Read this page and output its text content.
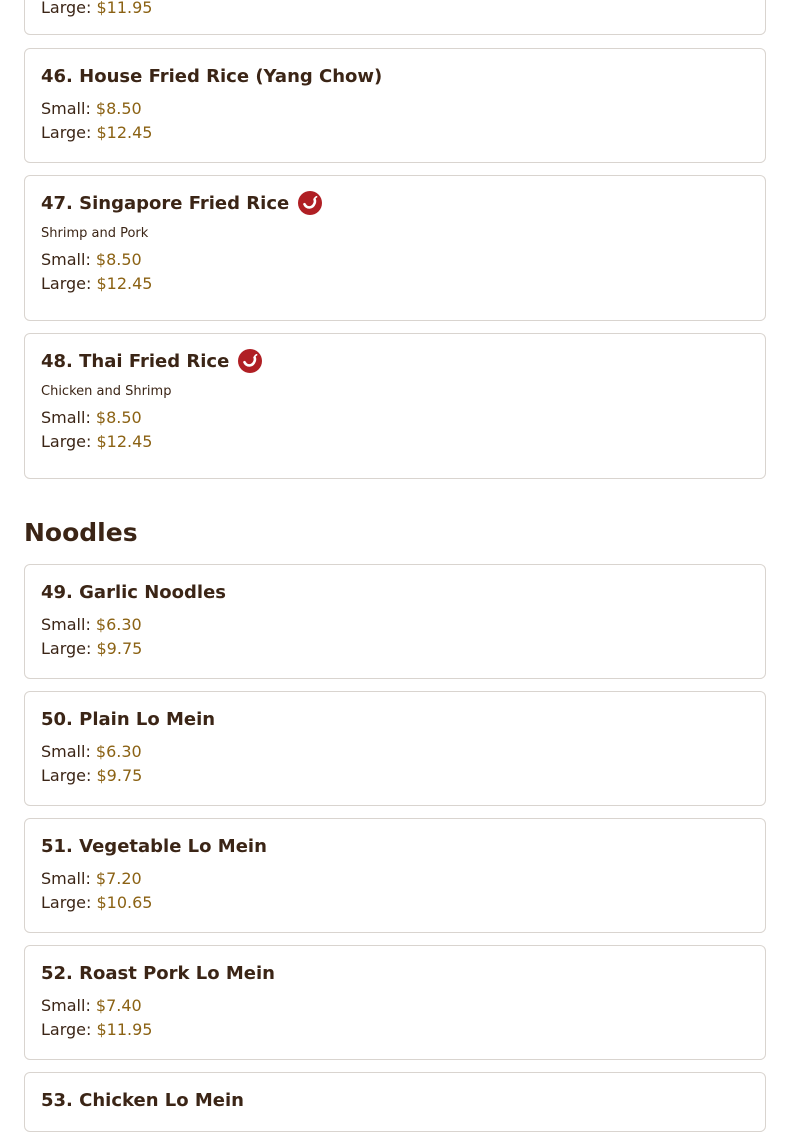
Large: $11.95
46. House Fried Rice (Yang Chow)
Small: $8.50
Large: $12.45
47. Singapore Fried Rice
Shrimp and Pork
Small: $8.50
Large: $12.45
48. Thai Fried Rice
Chicken and Shrimp
Small: $8.50
Large: $12.45
Noodles
49. Garlic Noodles
Small: $6.30
Large: $9.75
50. Plain Lo Mein
Small: $6.30
Large: $9.75
51. Vegetable Lo Mein
Small: $7.20
Large: $10.65
52. Roast Pork Lo Mein
Small: $7.40
Large: $11.95
53. Chicken Lo Mein
